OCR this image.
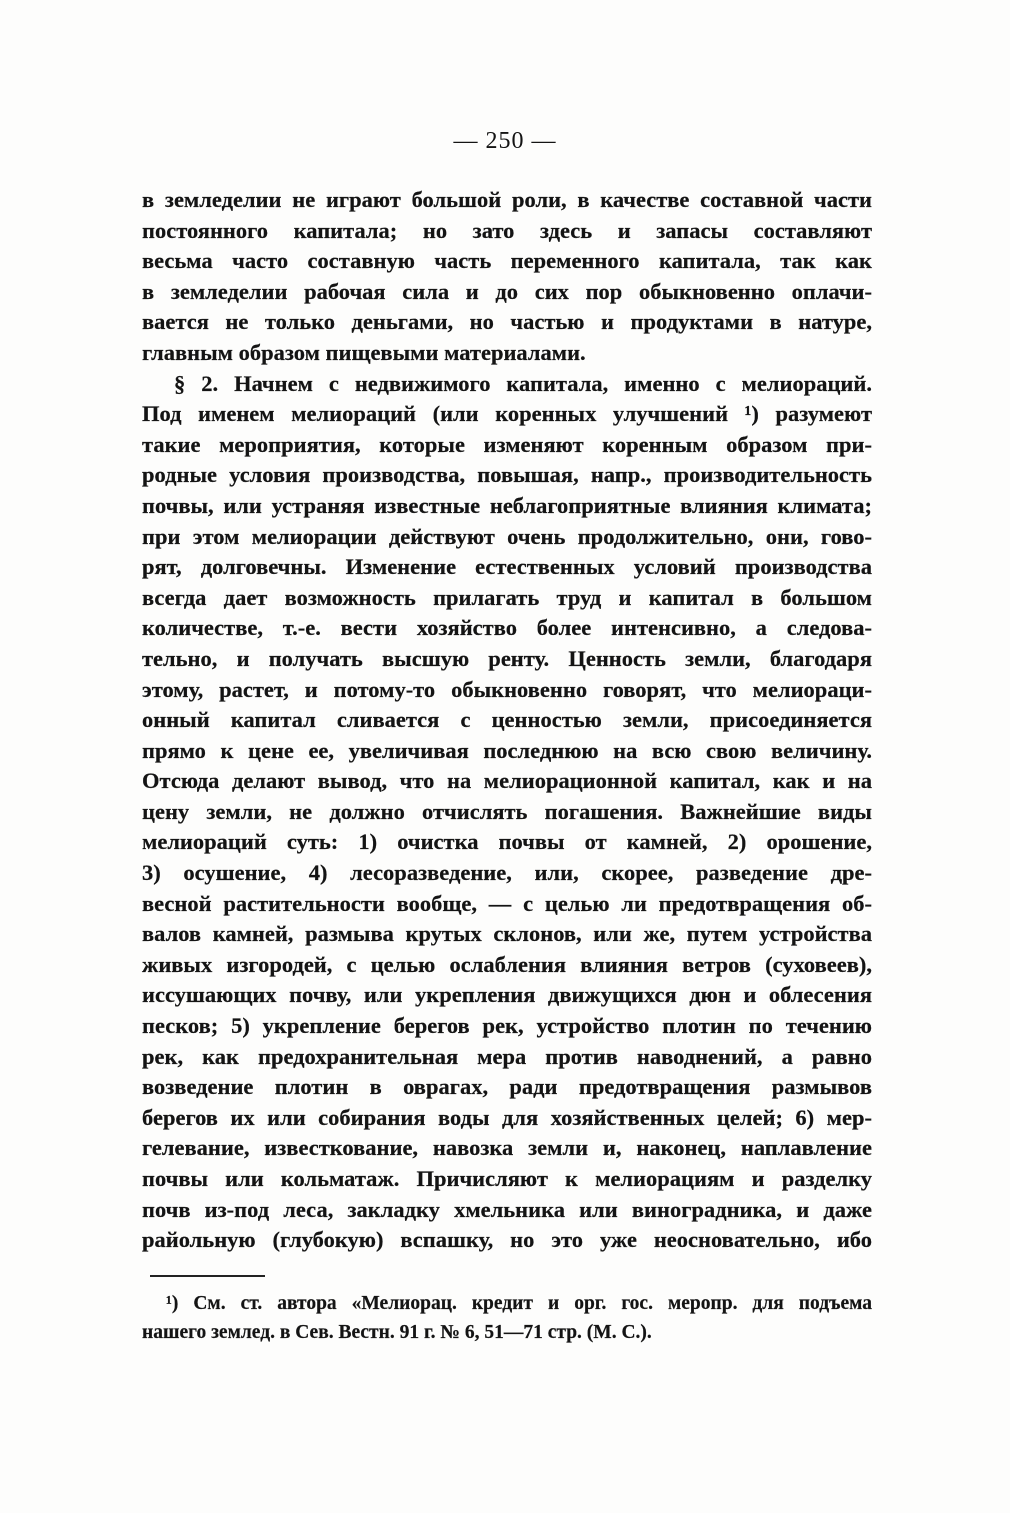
— 250 —
в земледелии не играют большой роли, в качестве составной части
постоянного капитала; но зато здесь и запасы составляют
весьма часто составную часть переменного капитала, так как
в земледелии рабочая сила и до сих пор обыкновенно оплачи-
вается не только деньгами, но частью и продуктами в натуре,
главным образом пищевыми материалами.
§ 2. Начнем с недвижимого капитала, именно с мелиораций.
Под именем мелиораций (или коренных улучшений ¹) разумеют
такие мероприятия, которые изменяют коренным образом при-
родные условия производства, повышая, напр., производительность
почвы, или устраняя известные неблагоприятные влияния климата;
при этом мелиорации действуют очень продолжительно, они, гово-
рят, долговечны. Изменение естественных условий производства
всегда дает возможность прилагать труд и капитал в большом
количестве, т.-е. вести хозяйство более интенсивно, а следова-
тельно, и получать высшую ренту. Ценность земли, благодаря
этому, растет, и потому-то обыкновенно говорят, что мелиораци-
онный капитал сливается с ценностью земли, присоединяется
прямо к цене ее, увеличивая последнюю на всю свою величину.
Отсюда делают вывод, что на мелиорационной капитал, как и на
цену земли, не должно отчислять погашения. Важнейшие виды
мелиораций суть: 1) очистка почвы от камней, 2) орошение,
3) осушение, 4) лесоразведение, или, скорее, разведение дре-
весной растительности вообще, — с целью ли предотвращения об-
валов камней, размыва крутых склонов, или же, путем устройства
живых изгородей, с целью ослабления влияния ветров (суховеев),
иссушающих почву, или укрепления движущихся дюн и облесения
песков; 5) укрепление берегов рек, устройство плотин по течению
рек, как предохранительная мера против наводнений, а равно
возведение плотин в оврагах, ради предотвращения размывов
берегов их или собирания воды для хозяйственных целей; 6) мер-
гелевание, известкование, навозка земли и, наконец, наплавление
почвы или кольматаж. Причисляют к мелиорациям и разделку
почв из-под леса, закладку хмельника или виноградника, и даже
райольную (глубокую) вспашку, но это уже неосновательно, ибо
¹) См. ст. автора «Мелиорац. кредит и орг. гос. меропр. для подъема
нашего землед. в Сев. Вестн. 91 г. № 6, 51—71 стр. (М. С.).
